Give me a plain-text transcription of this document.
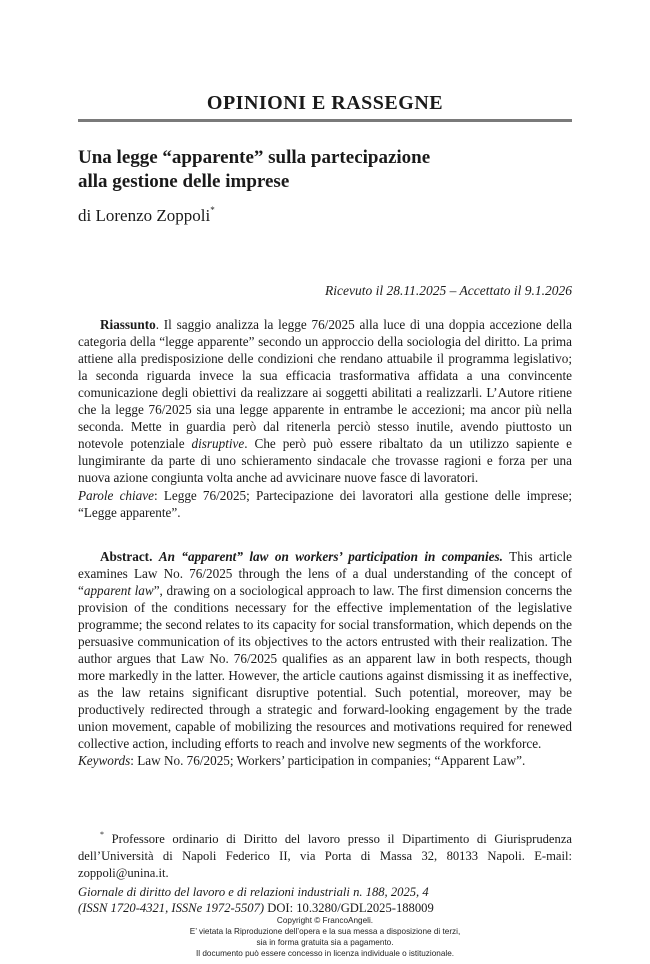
OPINIONI E RASSEGNE
Una legge “apparente” sulla partecipazione
alla gestione delle imprese
di Lorenzo Zoppoli*
Ricevuto il 28.11.2025 – Accettato il 9.1.2026
Riassunto. Il saggio analizza la legge 76/2025 alla luce di una doppia accezione della categoria della “legge apparente” secondo un approccio della sociologia del diritto. La prima attiene alla predisposizione delle condizioni che rendano attuabile il programma legislativo; la seconda riguarda invece la sua efficacia trasformativa affidata a una convincente comunicazione degli obiettivi da realizzare ai soggetti abilitati a realizzarli. L’Autore ritiene che la legge 76/2025 sia una legge apparente in entrambe le accezioni; ma ancor più nella seconda. Mette in guardia però dal ritenerla perciò stesso inutile, avendo piuttosto un notevole potenziale disruptive. Che però può essere ribaltato da un utilizzo sapiente e lungimirante da parte di uno schieramento sindacale che trovasse ragioni e forza per una nuova azione congiunta volta anche ad avvicinare nuove fasce di lavoratori.
Parole chiave: Legge 76/2025; Partecipazione dei lavoratori alla gestione delle imprese; “Legge apparente”.
Abstract. An “apparent” law on workers’ participation in companies. This article examines Law No. 76/2025 through the lens of a dual understanding of the concept of “apparent law”, drawing on a sociological approach to law. The first dimension concerns the provision of the conditions necessary for the effective implementation of the legislative programme; the second relates to its capacity for social transformation, which depends on the persuasive communication of its objectives to the actors entrusted with their realization. The author argues that Law No. 76/2025 qualifies as an apparent law in both respects, though more markedly in the latter. However, the article cautions against dismissing it as ineffective, as the law retains significant disruptive potential. Such potential, moreover, may be productively redirected through a strategic and forward-looking engagement by the trade union movement, capable of mobilizing the resources and motivations required for renewed collective action, including efforts to reach and involve new segments of the workforce.
Keywords: Law No. 76/2025; Workers’ participation in companies; “Apparent Law”.
* Professore ordinario di Diritto del lavoro presso il Dipartimento di Giurisprudenza dell’Università di Napoli Federico II, via Porta di Massa 32, 80133 Napoli. E-mail: zoppoli@unina.it.
Giornale di diritto del lavoro e di relazioni industriali n. 188, 2025, 4
(ISSN 1720-4321, ISSNe 1972-5507) DOI: 10.3280/GDL2025-188009
Copyright © FrancoAngeli.
E’ vietata la Riproduzione dell’opera e la sua messa a disposizione di terzi,
sia in forma gratuita sia a pagamento.
Il documento può essere concesso in licenza individuale o istituzionale.
